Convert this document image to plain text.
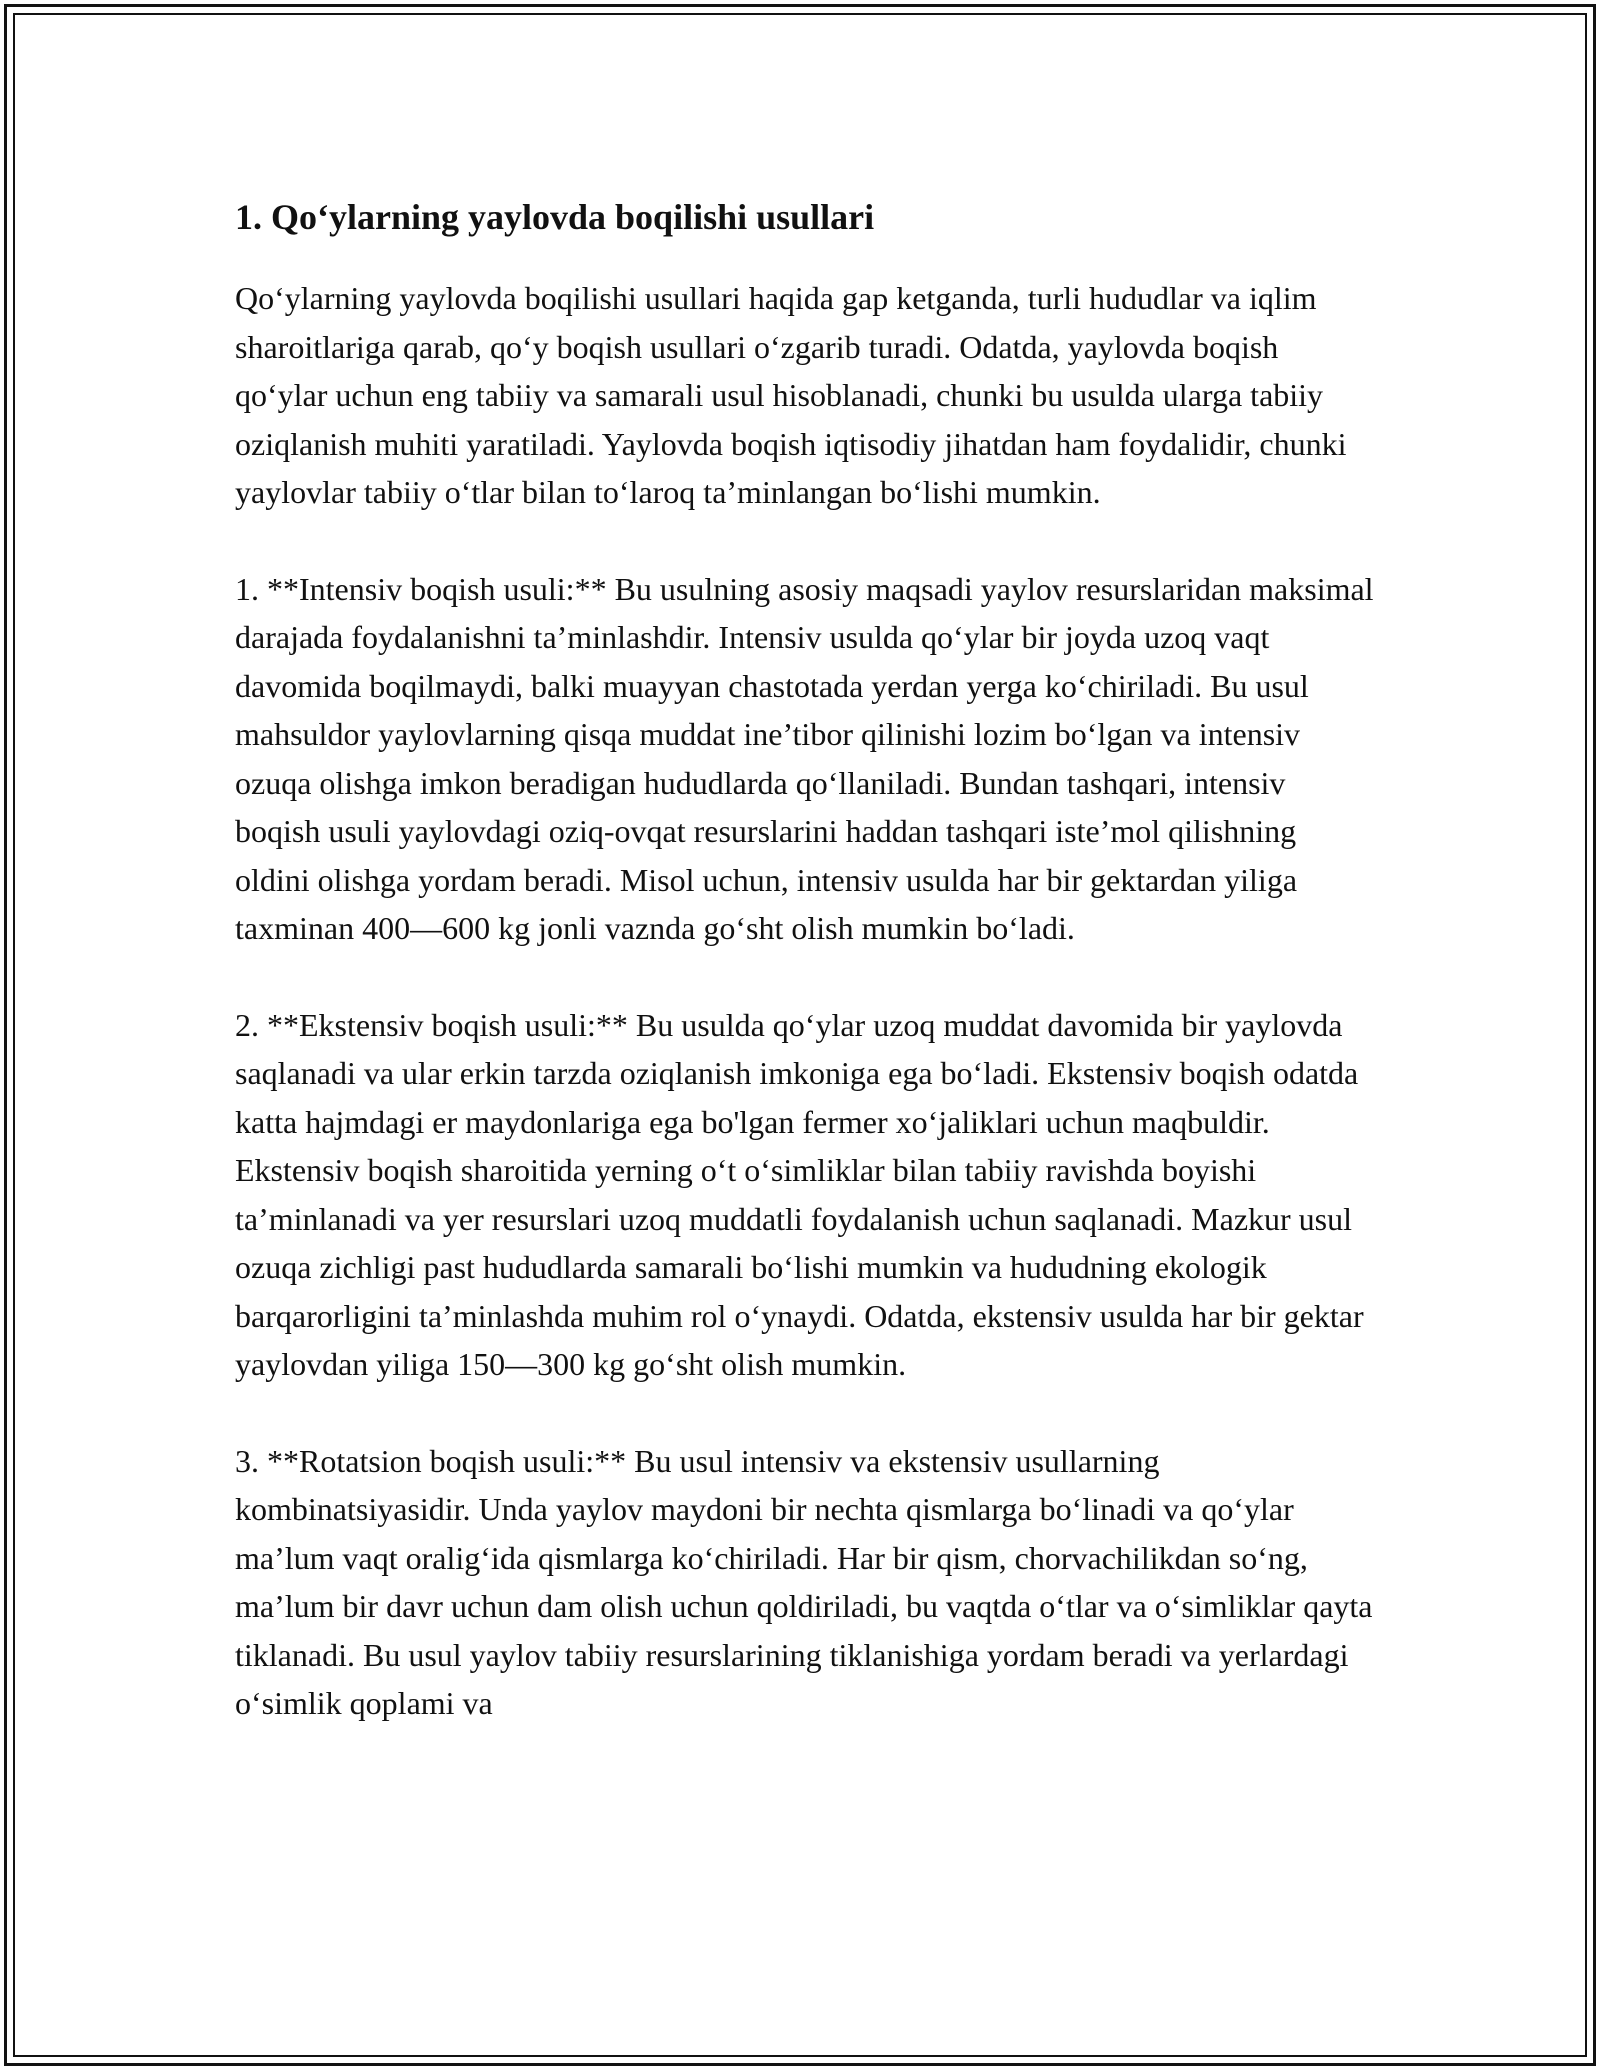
1. Qo‘ylarning yaylovda boqilishi usullari

Qo‘ylarning yaylovda boqilishi usullari haqida gap ketganda, turli hududlar va iqlim sharoitlariga qarab, qo‘y boqish usullari o‘zgarib turadi. Odatda, yaylovda boqish qo‘ylar uchun eng tabiiy va samarali usul hisoblanadi, chunki bu usulda ularga tabiiy oziqlanish muhiti yaratiladi. Yaylovda boqish iqtisodiy jihatdan ham foydalidir, chunki yaylovlar tabiiy o‘tlar bilan to‘laroq ta’minlangan bo‘lishi mumkin.

1. **Intensiv boqish usuli:** Bu usulning asosiy maqsadi yaylov resurslaridan maksimal darajada foydalanishni ta’minlashdir. Intensiv usulda qo‘ylar bir joyda uzoq vaqt davomida boqilmaydi, balki muayyan chastotada yerdan yerga ko‘chiriladi. Bu usul mahsuldor yaylovlarning qisqa muddat ine’tibor qilinishi lozim bo‘lgan va intensiv ozuqa olishga imkon beradigan hududlarda qo‘llaniladi. Bundan tashqari, intensiv boqish usuli yaylovdagi oziq-ovqat resurslarini haddan tashqari iste’mol qilishning oldini olishga yordam beradi. Misol uchun, intensiv usulda har bir gektardan yiliga taxminan 400—600 kg jonli vaznda go‘sht olish mumkin bo‘ladi.

2. **Ekstensiv boqish usuli:** Bu usulda qo‘ylar uzoq muddat davomida bir yaylovda saqlanadi va ular erkin tarzda oziqlanish imkoniga ega bo‘ladi. Ekstensiv boqish odatda katta hajmdagi er maydonlariga ega bo'lgan fermer xo‘jaliklari uchun maqbuldir. Ekstensiv boqish sharoitida yerning o‘t o‘simliklar bilan tabiiy ravishda boyishi ta’minlanadi va yer resurslari uzoq muddatli foydalanish uchun saqlanadi. Mazkur usul ozuqa zichligi past hududlarda samarali bo‘lishi mumkin va hududning ekologik barqarorligini ta’minlashda muhim rol o‘ynaydi. Odatda, ekstensiv usulda har bir gektar yaylovdan yiliga 150—300 kg go‘sht olish mumkin.

3. **Rotatsion boqish usuli:** Bu usul intensiv va ekstensiv usullarning kombinatsiyasidir. Unda yaylov maydoni bir nechta qismlarga bo‘linadi va qo‘ylar ma’lum vaqt oralig‘ida qismlarga ko‘chiriladi. Har bir qism, chorvachilikdan so‘ng, ma’lum bir davr uchun dam olish uchun qoldiriladi, bu vaqtda o‘tlar va o‘simliklar qayta tiklanadi. Bu usul yaylov tabiiy resurslarining tiklanishiga yordam beradi va yerlardagi o‘simlik qoplami va
